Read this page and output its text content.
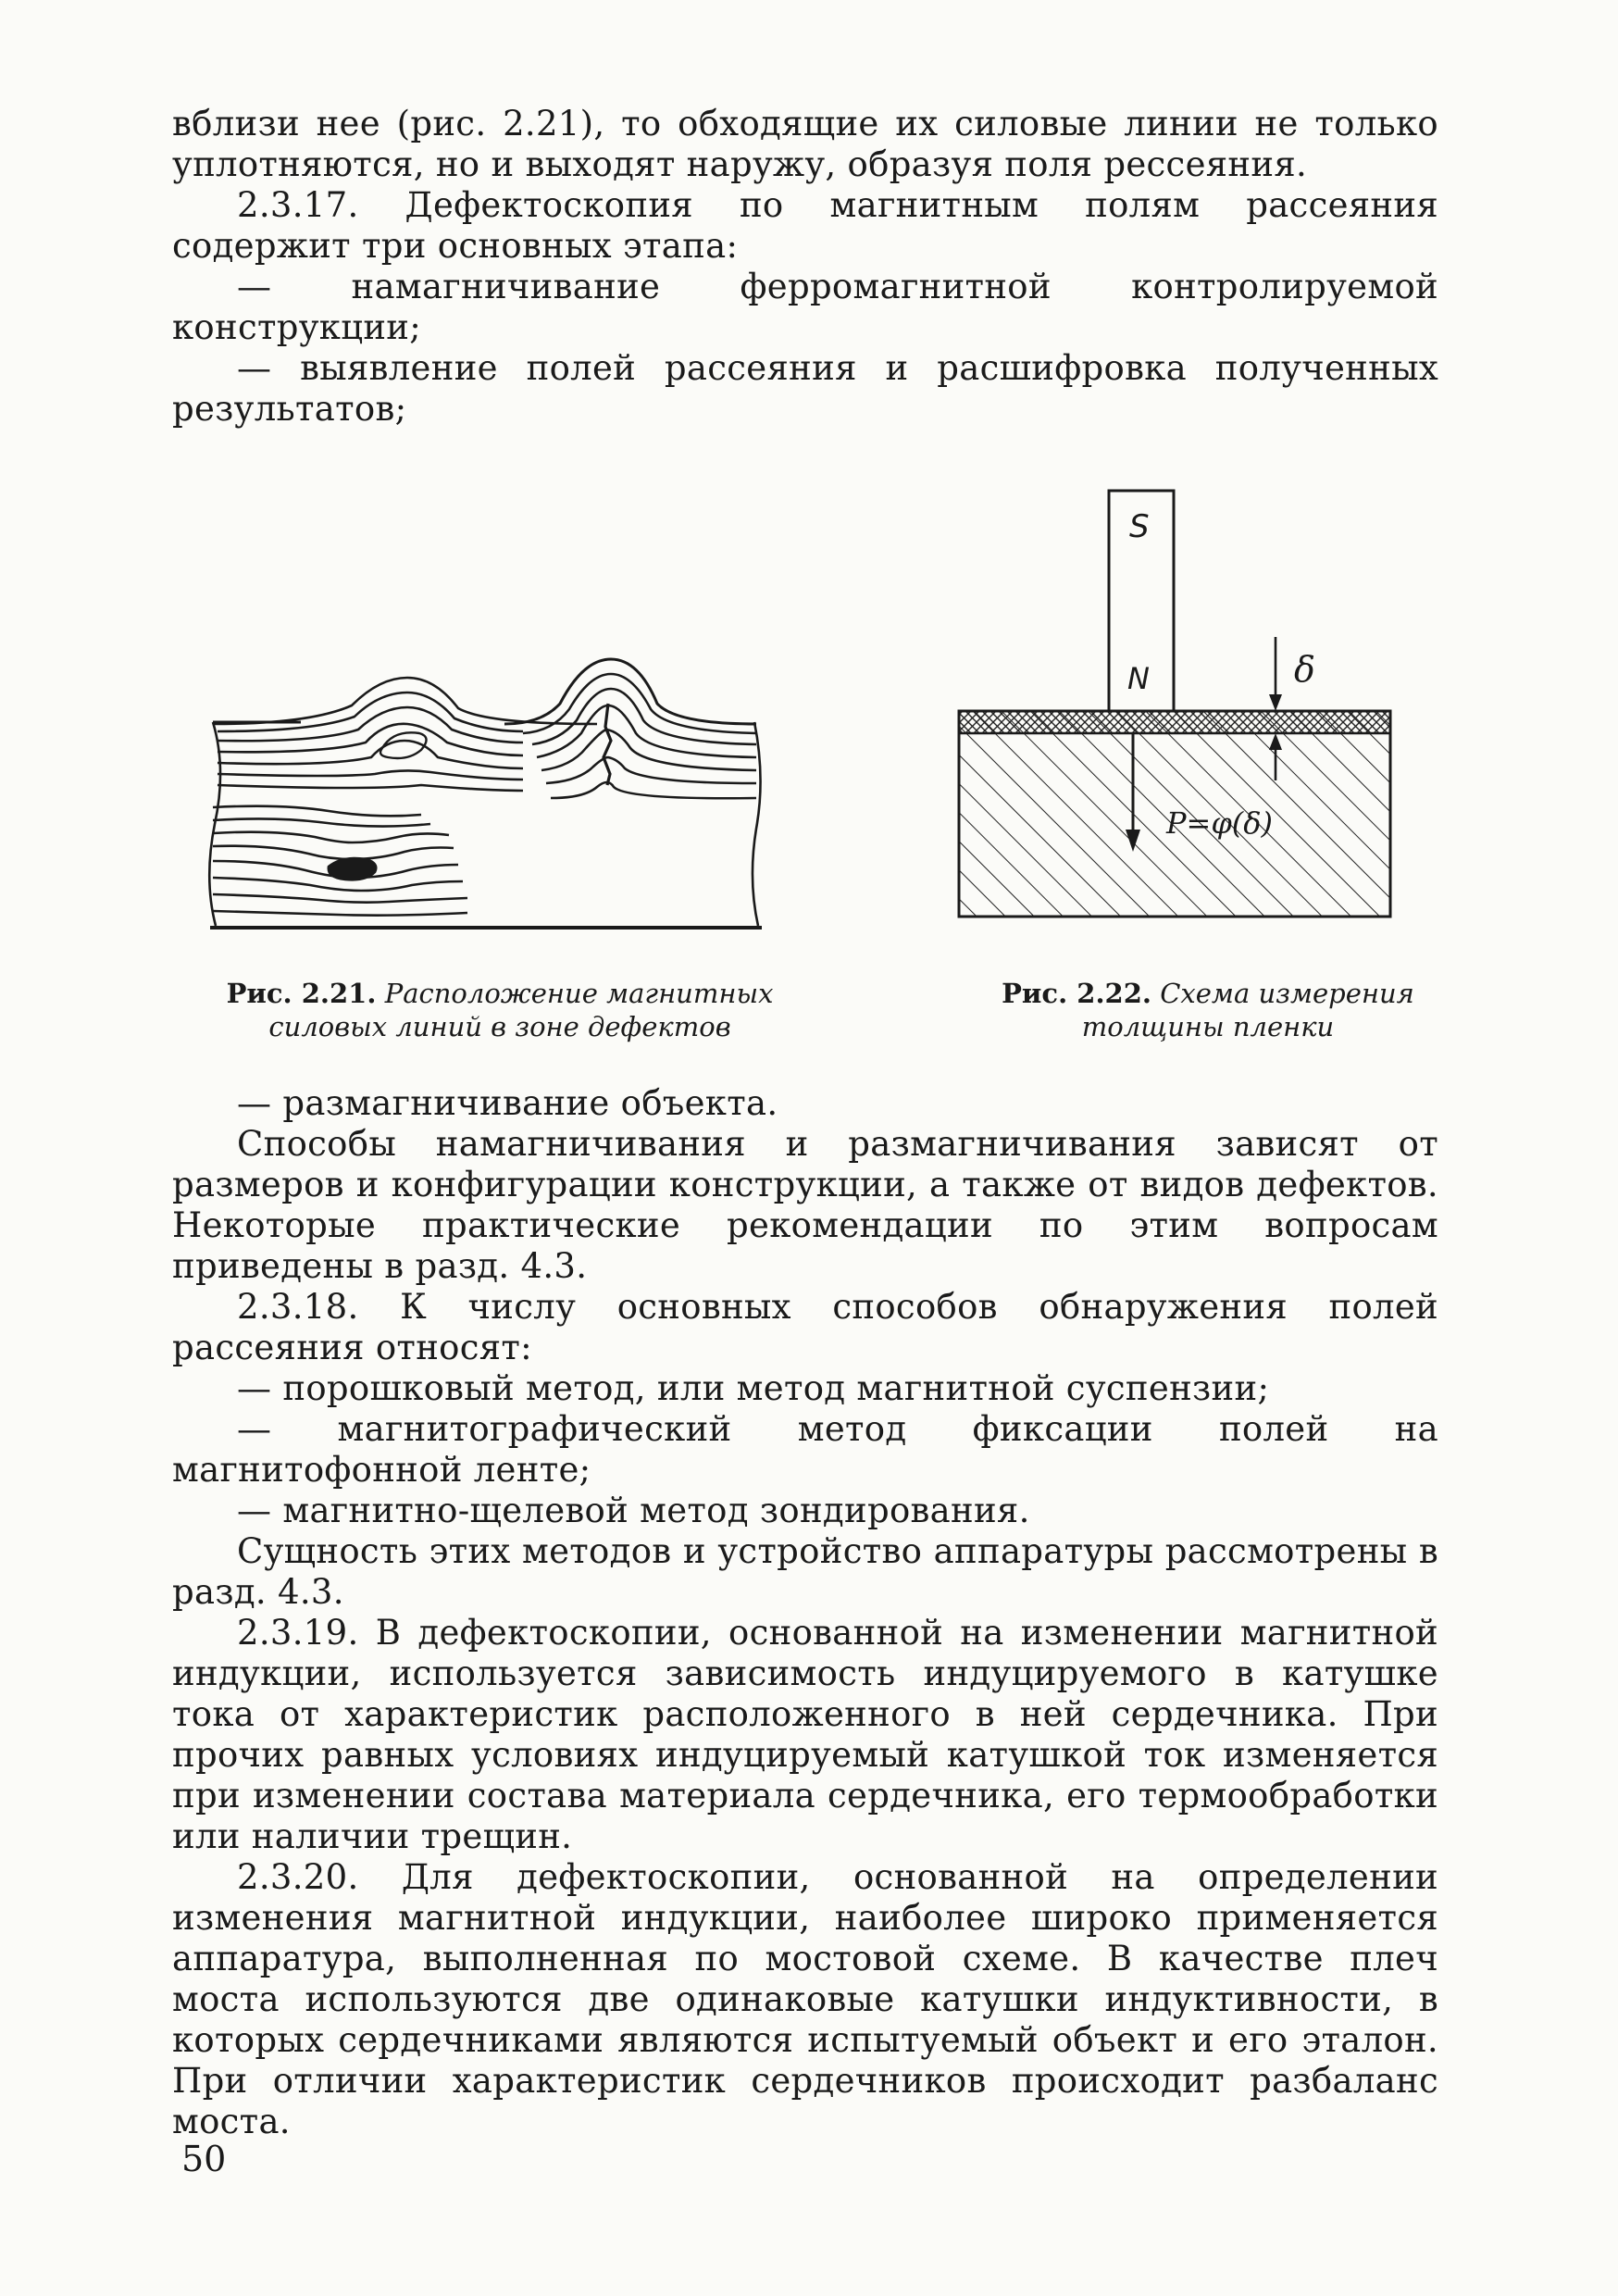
вблизи нее (рис. 2.21), то обходящие их силовые линии не только уплотняются, но и выходят наружу, образуя поля рессеяния.

2.3.17. Дефектоскопия по магнитным полям рассеяния содержит три основных этапа:

— намагничивание ферромагнитной контролируемой конструкции;

— выявление полей рассеяния и расшифровка полученных результатов;

S
N
P=φ(δ)
δ
Рис. 2.21. Расположение магнитных силовых линий в зоне дефектов
Рис. 2.22. Схема измерения толщины пленки

— размагничивание объекта.

Способы намагничивания и размагничивания зависят от размеров и конфигурации конструкции, а также от видов дефектов. Некоторые практические рекомендации по этим вопросам приведены в разд. 4.3.

2.3.18. К числу основных способов обнаружения полей рассеяния относят:

— порошковый метод, или метод магнитной суспензии;

— магнитографический метод фиксации полей на магнитофонной ленте;

— магнитно-щелевой метод зондирования.

Сущность этих методов и устройство аппаратуры рассмотрены в разд. 4.3.

2.3.19. В дефектоскопии, основанной на изменении магнитной индукции, используется зависимость индуцируемого в катушке тока от характеристик расположенного в ней сердечника. При прочих равных условиях индуцируемый катушкой ток изменяется при изменении состава материала сердечника, его термообработки или наличии трещин.

2.3.20. Для дефектоскопии, основанной на определении изменения магнитной индукции, наиболее широко применяется аппаратура, выполненная по мостовой схеме. В качестве плеч моста используются две одинаковые катушки индуктивности, в которых сердечниками являются испытуемый объект и его эталон. При отличии характеристик сердечников происходит разбаланс моста.

50
